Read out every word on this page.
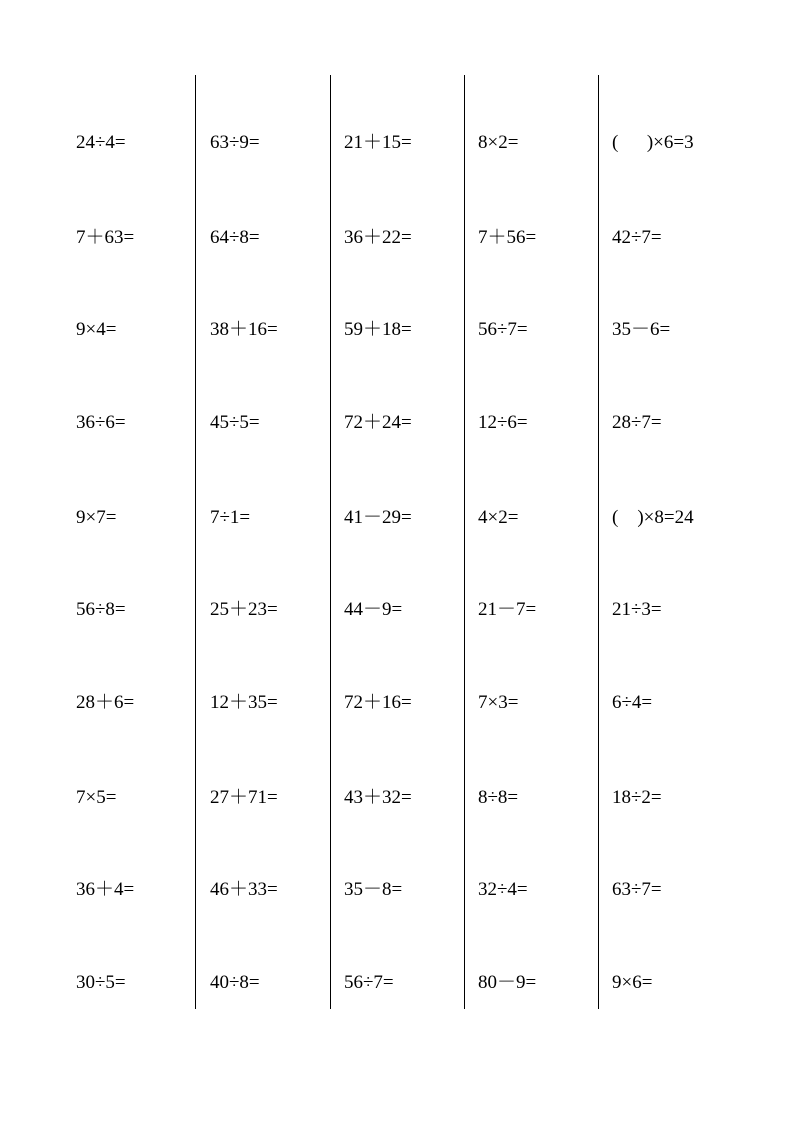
24÷4=
7＋63=
9×4=
36÷6=
9×7=
56÷8=
28＋6=
7×5=
36＋4=
30÷5=
63÷9=
64÷8=
38＋16=
45÷5=
7÷1=
25＋23=
12＋35=
27＋71=
46＋33=
40÷8=
21＋15=
36＋22=
59＋18=
72＋24=
41－29=
44－9=
72＋16=
43＋32=
35－8=
56÷7=
8×2=
7＋56=
56÷7=
12÷6=
4×2=
21－7=
7×3=
8÷8=
32÷4=
80－9=
(      )×6=3
42÷7=
35－6=
28÷7=
(    )×8=24
21÷3=
6÷4=
18÷2=
63÷7=
9×6=
